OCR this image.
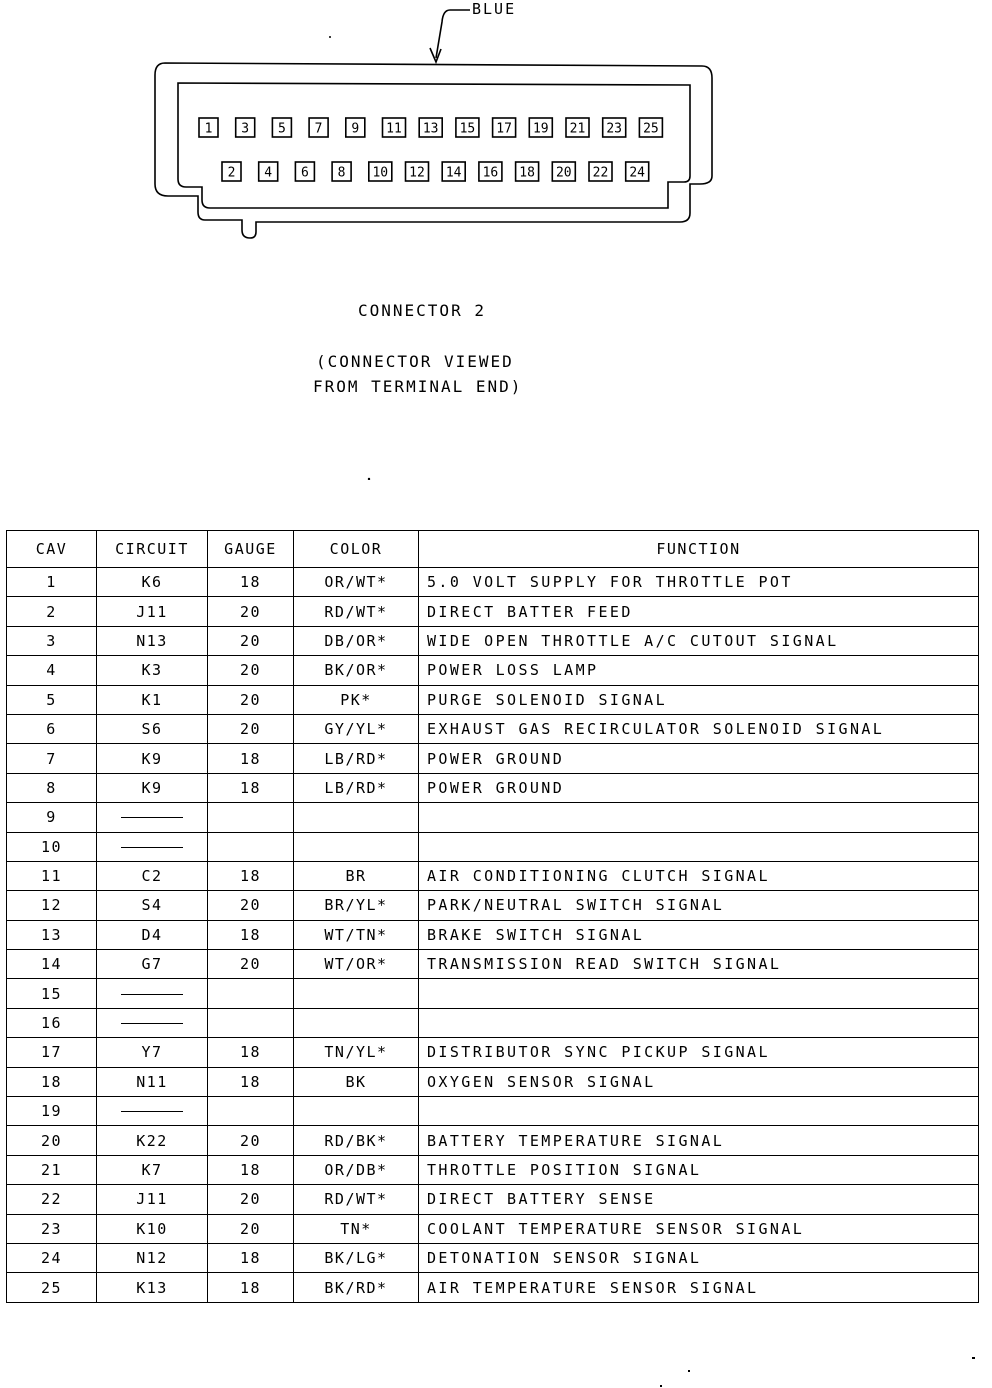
BLUE
1 3 5 7 9 11 13 15 17 19 21 23 25
2 4 6 8 10 12 14 16 18 20 22 24
CONNECTOR 2
(CONNECTOR VIEWED
FROM TERMINAL END)
CAV	CIRCUIT	GAUGE	COLOR	FUNCTION
1	K6	18	OR/WT*	5.0 VOLT SUPPLY FOR THROTTLE POT
2	J11	20	RD/WT*	DIRECT BATTER FEED
3	N13	20	DB/OR*	WIDE OPEN THROTTLE A/C CUTOUT SIGNAL
4	K3	20	BK/OR*	POWER LOSS LAMP
5	K1	20	PK*	PURGE SOLENOID SIGNAL
6	S6	20	GY/YL*	EXHAUST GAS RECIRCULATOR SOLENOID SIGNAL
7	K9	18	LB/RD*	POWER GROUND
8	K9	18	LB/RD*	POWER GROUND
9				
10				
11	C2	18	BR	AIR CONDITIONING CLUTCH SIGNAL
12	S4	20	BR/YL*	PARK/NEUTRAL SWITCH SIGNAL
13	D4	18	WT/TN*	BRAKE SWITCH SIGNAL
14	G7	20	WT/OR*	TRANSMISSION READ SWITCH SIGNAL
15				
16				
17	Y7	18	TN/YL*	DISTRIBUTOR SYNC PICKUP SIGNAL
18	N11	18	BK	OXYGEN SENSOR SIGNAL
19				
20	K22	20	RD/BK*	BATTERY TEMPERATURE SIGNAL
21	K7	18	OR/DB*	THROTTLE POSITION SIGNAL
22	J11	20	RD/WT*	DIRECT BATTERY SENSE
23	K10	20	TN*	COOLANT TEMPERATURE SENSOR SIGNAL
24	N12	18	BK/LG*	DETONATION SENSOR SIGNAL
25	K13	18	BK/RD*	AIR TEMPERATURE SENSOR SIGNAL
